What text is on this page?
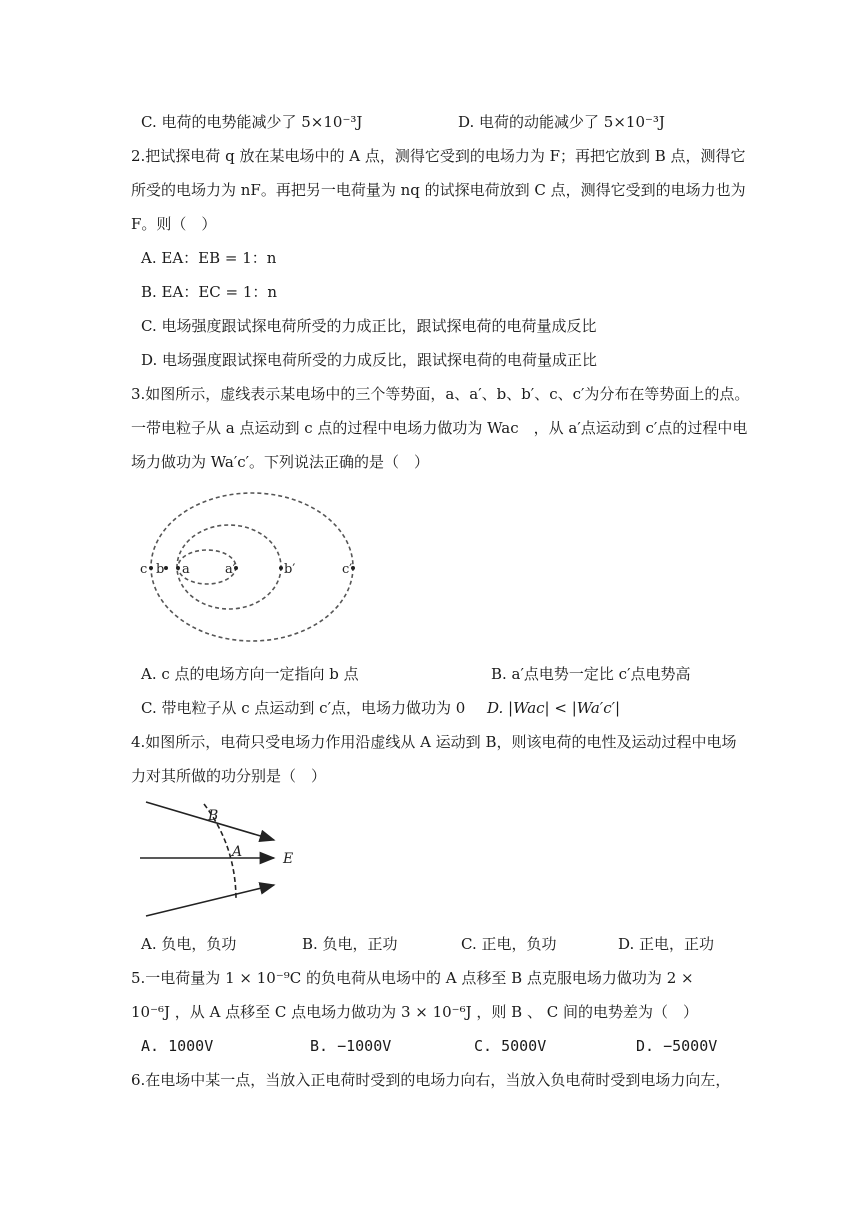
C. 电荷的电势能减少了 5×10⁻³J	D. 电荷的动能减少了 5×10⁻³J
2.把试探电荷 q 放在某电场中的 A 点，测得它受到的电场力为 F；再把它放到 B 点，测得它
所受的电场力为 nF。再把另一电荷量为 nq 的试探电荷放到 C 点，测得它受到的电场力也为
F。则（　）
A. EA：EB = 1：n
B. EA：EC = 1：n
C. 电场强度跟试探电荷所受的力成正比，跟试探电荷的电荷量成反比
D. 电场强度跟试探电荷所受的力成反比，跟试探电荷的电荷量成正比
3.如图所示，虚线表示某电场中的三个等势面，a、a′、b、b′、c、c′为分布在等势面上的点。
一带电粒子从 a 点运动到 c 点的过程中电场力做功为 Wac　，从 a′点运动到 c′点的过程中电
场力做功为 Wa′c′。下列说法正确的是（　）
c b a	a′	b′	c′
A. c 点的电场方向一定指向 b 点	B. a′点电势一定比 c′点电势高
C. 带电粒子从 c 点运动到 c′点，电场力做功为 0 D. |Wac| < |Wa′c′|
4.如图所示，电荷只受电场力作用沿虚线从 A 运动到 B，则该电荷的电性及运动过程中电场
力对其所做的功分别是（　）
B
A	E
A. 负电，负功	B. 负电，正功	C. 正电，负功	D. 正电，正功
5.一电荷量为 1 × 10⁻⁹C 的负电荷从电场中的 A 点移至 B 点克服电场力做功为 2 ×
10⁻⁶J ，从 A 点移至 C 点电场力做功为 3 × 10⁻⁶J ，则 B 、 C 间的电势差为（　）
A. 1000V	B. −1000V	C. 5000V	D. −5000V
6.在电场中某一点，当放入正电荷时受到的电场力向右，当放入负电荷时受到电场力向左，
